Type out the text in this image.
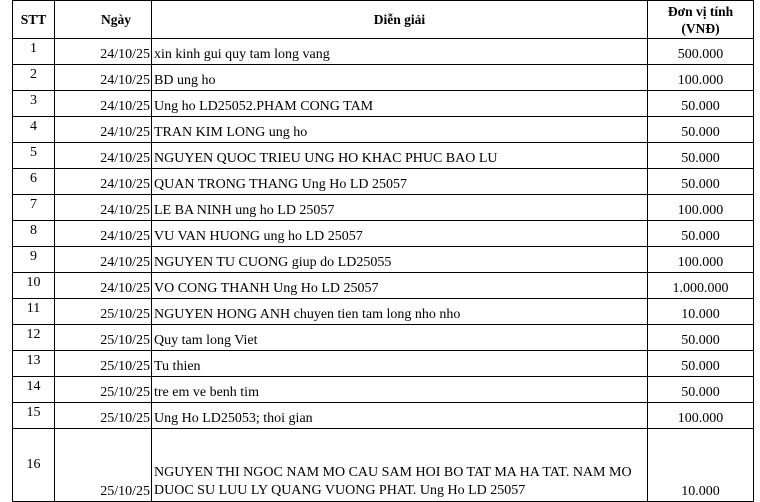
STT	Ngày	Diễn giải	Đơn vị tính
(VNĐ)
1	24/10/25	xin kinh gui quy tam long vang	500.000
2	24/10/25	BD ung ho	100.000
3	24/10/25	Ung ho LD25052.PHAM CONG TAM	50.000
4	24/10/25	TRAN KIM LONG ung ho	50.000
5	24/10/25	NGUYEN QUOC TRIEU UNG HO KHAC PHUC BAO LU	50.000
6	24/10/25	QUAN TRONG THANG Ung Ho LD 25057	50.000
7	24/10/25	LE BA NINH ung ho LD 25057	100.000
8	24/10/25	VU VAN HUONG ung ho LD 25057	50.000
9	24/10/25	NGUYEN TU CUONG giup do LD25055	100.000
10	24/10/25	VO CONG THANH Ung Ho LD 25057	1.000.000
11	25/10/25	NGUYEN HONG ANH chuyen tien tam long nho nho	10.000
12	25/10/25	Quy tam long Viet	50.000
13	25/10/25	Tu thien	50.000
14	25/10/25	tre em ve benh tim	50.000
15	25/10/25	Ung Ho LD25053; thoi gian	100.000
16	25/10/25	NGUYEN THI NGOC NAM MO CAU SAM HOI BO TAT MA HA TAT. NAM MO DUOC SU LUU LY QUANG VUONG PHAT. Ung Ho LD 25057	10.000
